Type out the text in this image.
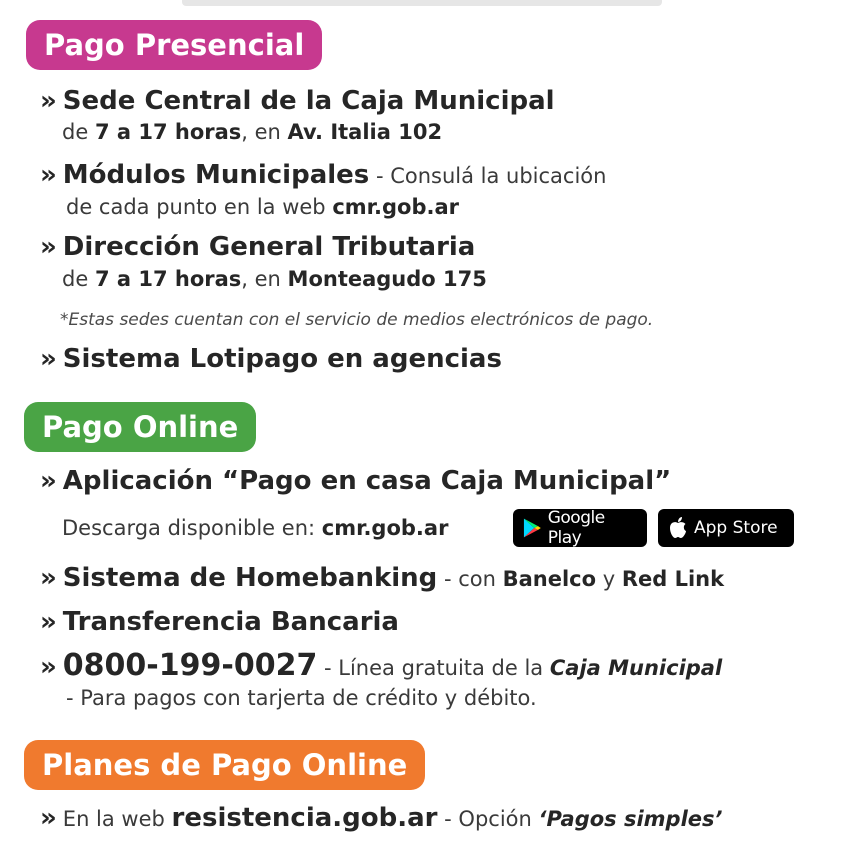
Pago Presencial
» Sede Central de la Caja Municipal
de 7 a 17 horas, en Av. Italia 102
» Módulos Municipales - Consulá la ubicación
de cada punto en la web cmr.gob.ar
» Dirección General Tributaria
de 7 a 17 horas, en Monteagudo 175
*Estas sedes cuentan con el servicio de medios electrónicos de pago.
» Sistema Lotipago en agencias
Pago Online
» Aplicación “Pago en casa Caja Municipal”
Descarga disponible en: cmr.gob.ar	Google Play	App Store
» Sistema de Homebanking - con Banelco y Red Link
» Transferencia Bancaria
» 0800-199-0027 - Línea gratuita de la Caja Municipal
- Para pagos con tarjerta de crédito y débito.
Planes de Pago Online
» En la web resistencia.gob.ar - Opción ‘Pagos simples’
